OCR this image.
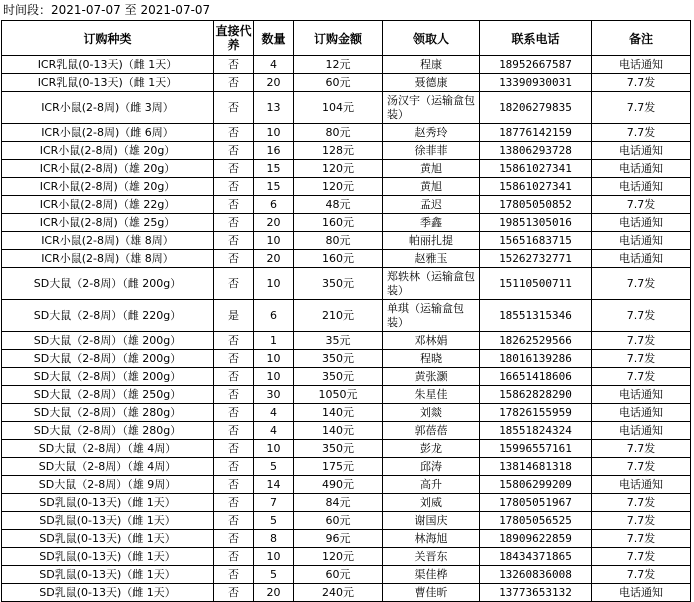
时间段：2021-07-07 至 2021-07-07
订购种类	直接代养	数量	订购金额	领取人	联系电话	备注
ICR乳鼠(0-13天)（雌 1天）	否	4	12元	程康	18952667587	电话通知
ICR乳鼠(0-13天)（雌 1天）	否	20	60元	聂德康	13390930031	7.7发
ICR小鼠(2-8周)（雌 3周）	否	13	104元	汤汉宇（运输盒包装）	18206279835	7.7发
ICR小鼠(2-8周)（雌 6周）	否	10	80元	赵秀玲	18776142159	7.7发
ICR小鼠(2-8周)（雄 20g）	否	16	128元	徐菲菲	13806293728	电话通知
ICR小鼠(2-8周)（雄 20g）	否	15	120元	黄旭	15861027341	电话通知
ICR小鼠(2-8周)（雄 20g）	否	15	120元	黄旭	15861027341	电话通知
ICR小鼠(2-8周)（雄 22g）	否	6	48元	孟迟	17805050852	7.7发
ICR小鼠(2-8周)（雄 25g）	否	20	160元	季鑫	19851305016	电话通知
ICR小鼠(2-8周)（雄 8周）	否	10	80元	帕丽扎提	15651683715	电话通知
ICR小鼠(2-8周)（雄 8周）	否	20	160元	赵雅玉	15262732771	电话通知
SD大鼠（2-8周）（雌 200g）	否	10	350元	郑轶林（运输盒包装）	15110500711	7.7发
SD大鼠（2-8周）（雌 220g）	是	6	210元	单琪（运输盒包装）	18551315346	7.7发
SD大鼠（2-8周）（雄 200g）	否	1	35元	邓林娟	18262529566	7.7发
SD大鼠（2-8周）（雄 200g）	否	10	350元	程晓	18016139286	7.7发
SD大鼠（2-8周）（雄 200g）	否	10	350元	黄张灏	16651418606	7.7发
SD大鼠（2-8周）（雄 250g）	否	30	1050元	朱星佳	15862828290	电话通知
SD大鼠（2-8周）（雄 280g）	否	4	140元	刘燚	17826155959	电话通知
SD大鼠（2-8周）（雄 280g）	否	4	140元	郭蓓蓓	18551824324	电话通知
SD大鼠（2-8周）（雄 4周）	否	10	350元	彭龙	15996557161	7.7发
SD大鼠（2-8周）（雄 4周）	否	5	175元	邱涛	13814681318	7.7发
SD大鼠（2-8周）（雄 9周）	否	14	490元	高升	15806299209	电话通知
SD乳鼠(0-13天)（雌 1天）	否	7	84元	刘威	17805051967	7.7发
SD乳鼠(0-13天)（雌 1天）	否	5	60元	谢国庆	17805056525	7.7发
SD乳鼠(0-13天)（雌 1天）	否	8	96元	林海旭	18909622859	7.7发
SD乳鼠(0-13天)（雌 1天）	否	10	120元	关晋东	18434371865	7.7发
SD乳鼠(0-13天)（雌 1天）	否	5	60元	渠佳桦	13260836008	7.7发
SD乳鼠(0-13天)（雌 1天）	否	20	240元	曹佳昕	13773653132	电话通知
